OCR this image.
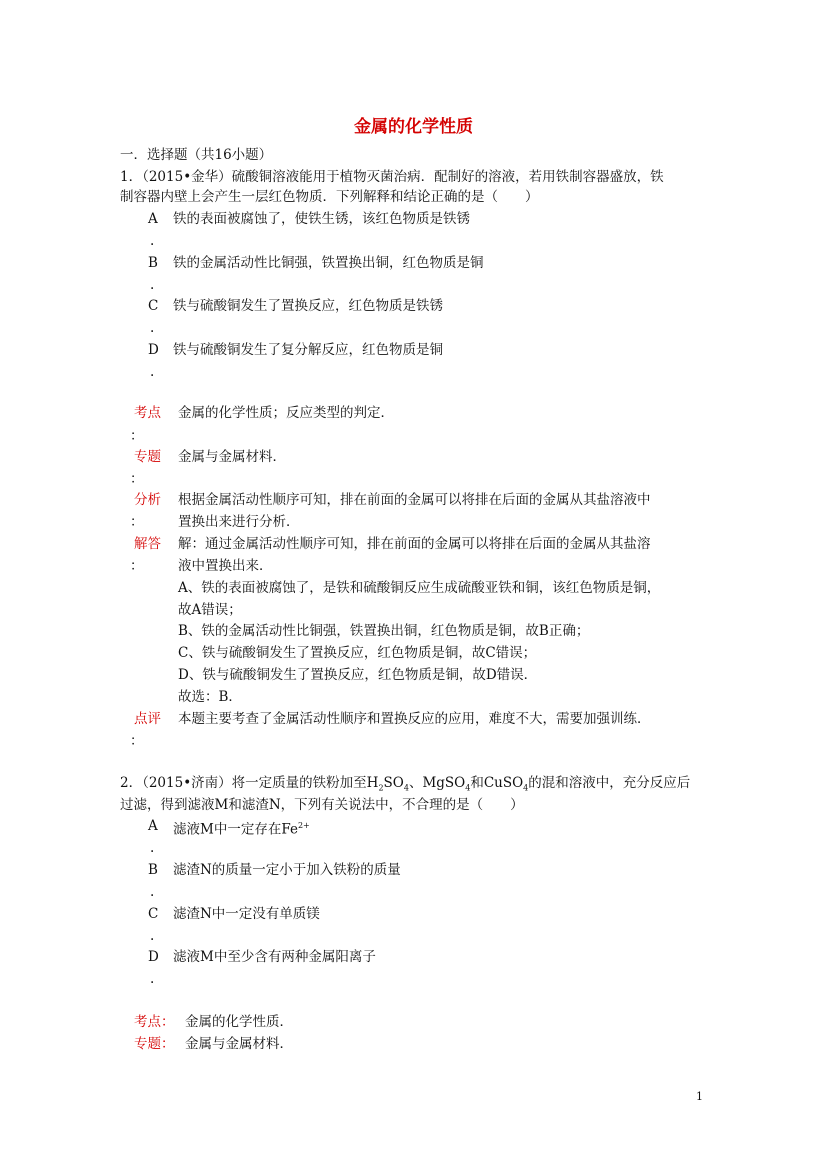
金属的化学性质
一．选择题（共16小题）
1．（2015•金华）硫酸铜溶液能用于植物灭菌治病．配制好的溶液，若用铁制容器盛放，铁
制容器内壁上会产生一层红色物质．下列解释和结论正确的是（　　）
A 铁的表面被腐蚀了，使铁生锈，该红色物质是铁锈
.
B 铁的金属活动性比铜强，铁置换出铜，红色物质是铜
.
C 铁与硫酸铜发生了置换反应，红色物质是铁锈
.
D 铁与硫酸铜发生了复分解反应，红色物质是铜
.
考点 金属的化学性质；反应类型的判定．
：
专题 金属与金属材料．
：
分析 根据金属活动性顺序可知，排在前面的金属可以将排在后面的金属从其盐溶液中
：	置换出来进行分析．
解答 解：通过金属活动性顺序可知，排在前面的金属可以将排在后面的金属从其盐溶
：	液中置换出来．
A、铁的表面被腐蚀了，是铁和硫酸铜反应生成硫酸亚铁和铜，该红色物质是铜，
故A错误；
B、铁的金属活动性比铜强，铁置换出铜，红色物质是铜，故B正确；
C、铁与硫酸铜发生了置换反应，红色物质是铜，故C错误；
D、铁与硫酸铜发生了置换反应，红色物质是铜，故D错误．
故选：B．
点评 本题主要考查了金属活动性顺序和置换反应的应用，难度不大，需要加强训练．
：
2．（2015•济南）将一定质量的铁粉加至$H_2SO_4$、MgSO$_4$和CuSO$_4$的混和溶液中，充分反应后
过滤，得到滤液M和滤渣N，下列有关说法中，不合理的是（　　）
A 滤液M中一定存在$Fe^{2+}$
.
B 滤渣N的质量一定小于加入铁粉的质量
.
C 滤渣N中一定没有单质镁
.
D 滤液M中至少含有两种金属阳离子
.
考点： 金属的化学性质．
专题： 金属与金属材料．
1
